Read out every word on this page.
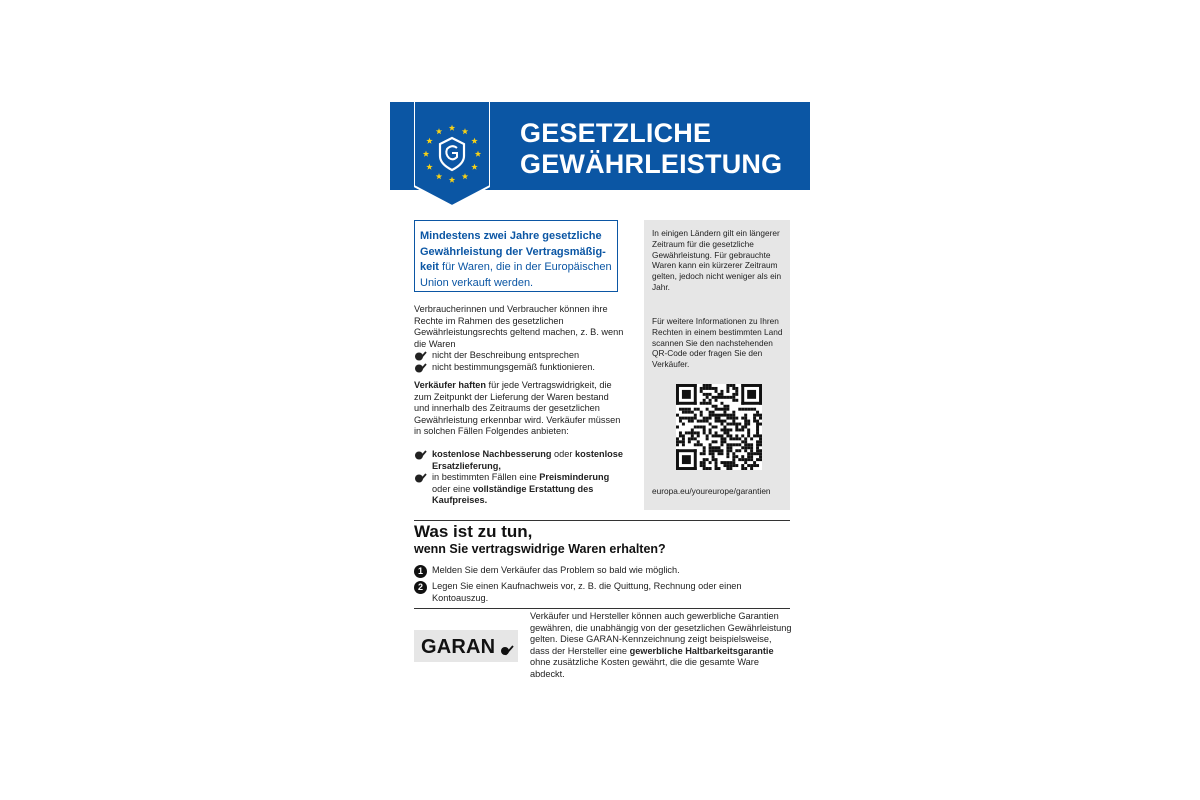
GESETZLICHE
GEWÄHRLEISTUNG
Mindestens zwei Jahre gesetzliche Gewährleistung der Vertragsmäßigkeit für Waren, die in der Europäischen Union verkauft werden.
Verbraucherinnen und Verbraucher können ihre Rechte im Rahmen des gesetzlichen Gewährleistungsrechts geltend machen, z. B. wenn die Waren
nicht der Beschreibung entsprechen
nicht bestimmungsgemäß funktionieren.
Verkäufer haften für jede Vertragswidrigkeit, die zum Zeitpunkt der Lieferung der Waren bestand und innerhalb des Zeitraums der gesetzlichen Gewährleistung erkennbar wird. Verkäufer müssen in solchen Fällen Folgendes anbieten:
kostenlose Nachbesserung oder kostenlose Ersatzlieferung,
in bestimmten Fällen eine Preisminderung oder eine vollständige Erstattung des Kaufpreises.

In einigen Ländern gilt ein längerer Zeitraum für die gesetzliche Gewährleistung. Für gebrauchte Waren kann ein kürzerer Zeitraum gelten, jedoch nicht weniger als ein Jahr.

Für weitere Informationen zu Ihren Rechten in einem bestimmten Land scannen Sie den nachstehenden QR-Code oder fragen Sie den Verkäufer.

europa.eu/youreurope/garantien

Was ist zu tun,
wenn Sie vertragswidrige Waren erhalten?
1 Melden Sie dem Verkäufer das Problem so bald wie möglich.
2 Legen Sie einen Kaufnachweis vor, z. B. die Quittung, Rechnung oder einen Kontoauszug.
GARAN
Verkäufer und Hersteller können auch gewerbliche Garantien gewähren, die unabhängig von der gesetzlichen Gewährleistung gelten. Diese GARAN-Kennzeichnung zeigt beispielsweise, dass der Hersteller eine gewerbliche Haltbarkeitsgarantie ohne zusätzliche Kosten gewährt, die die gesamte Ware abdeckt.
